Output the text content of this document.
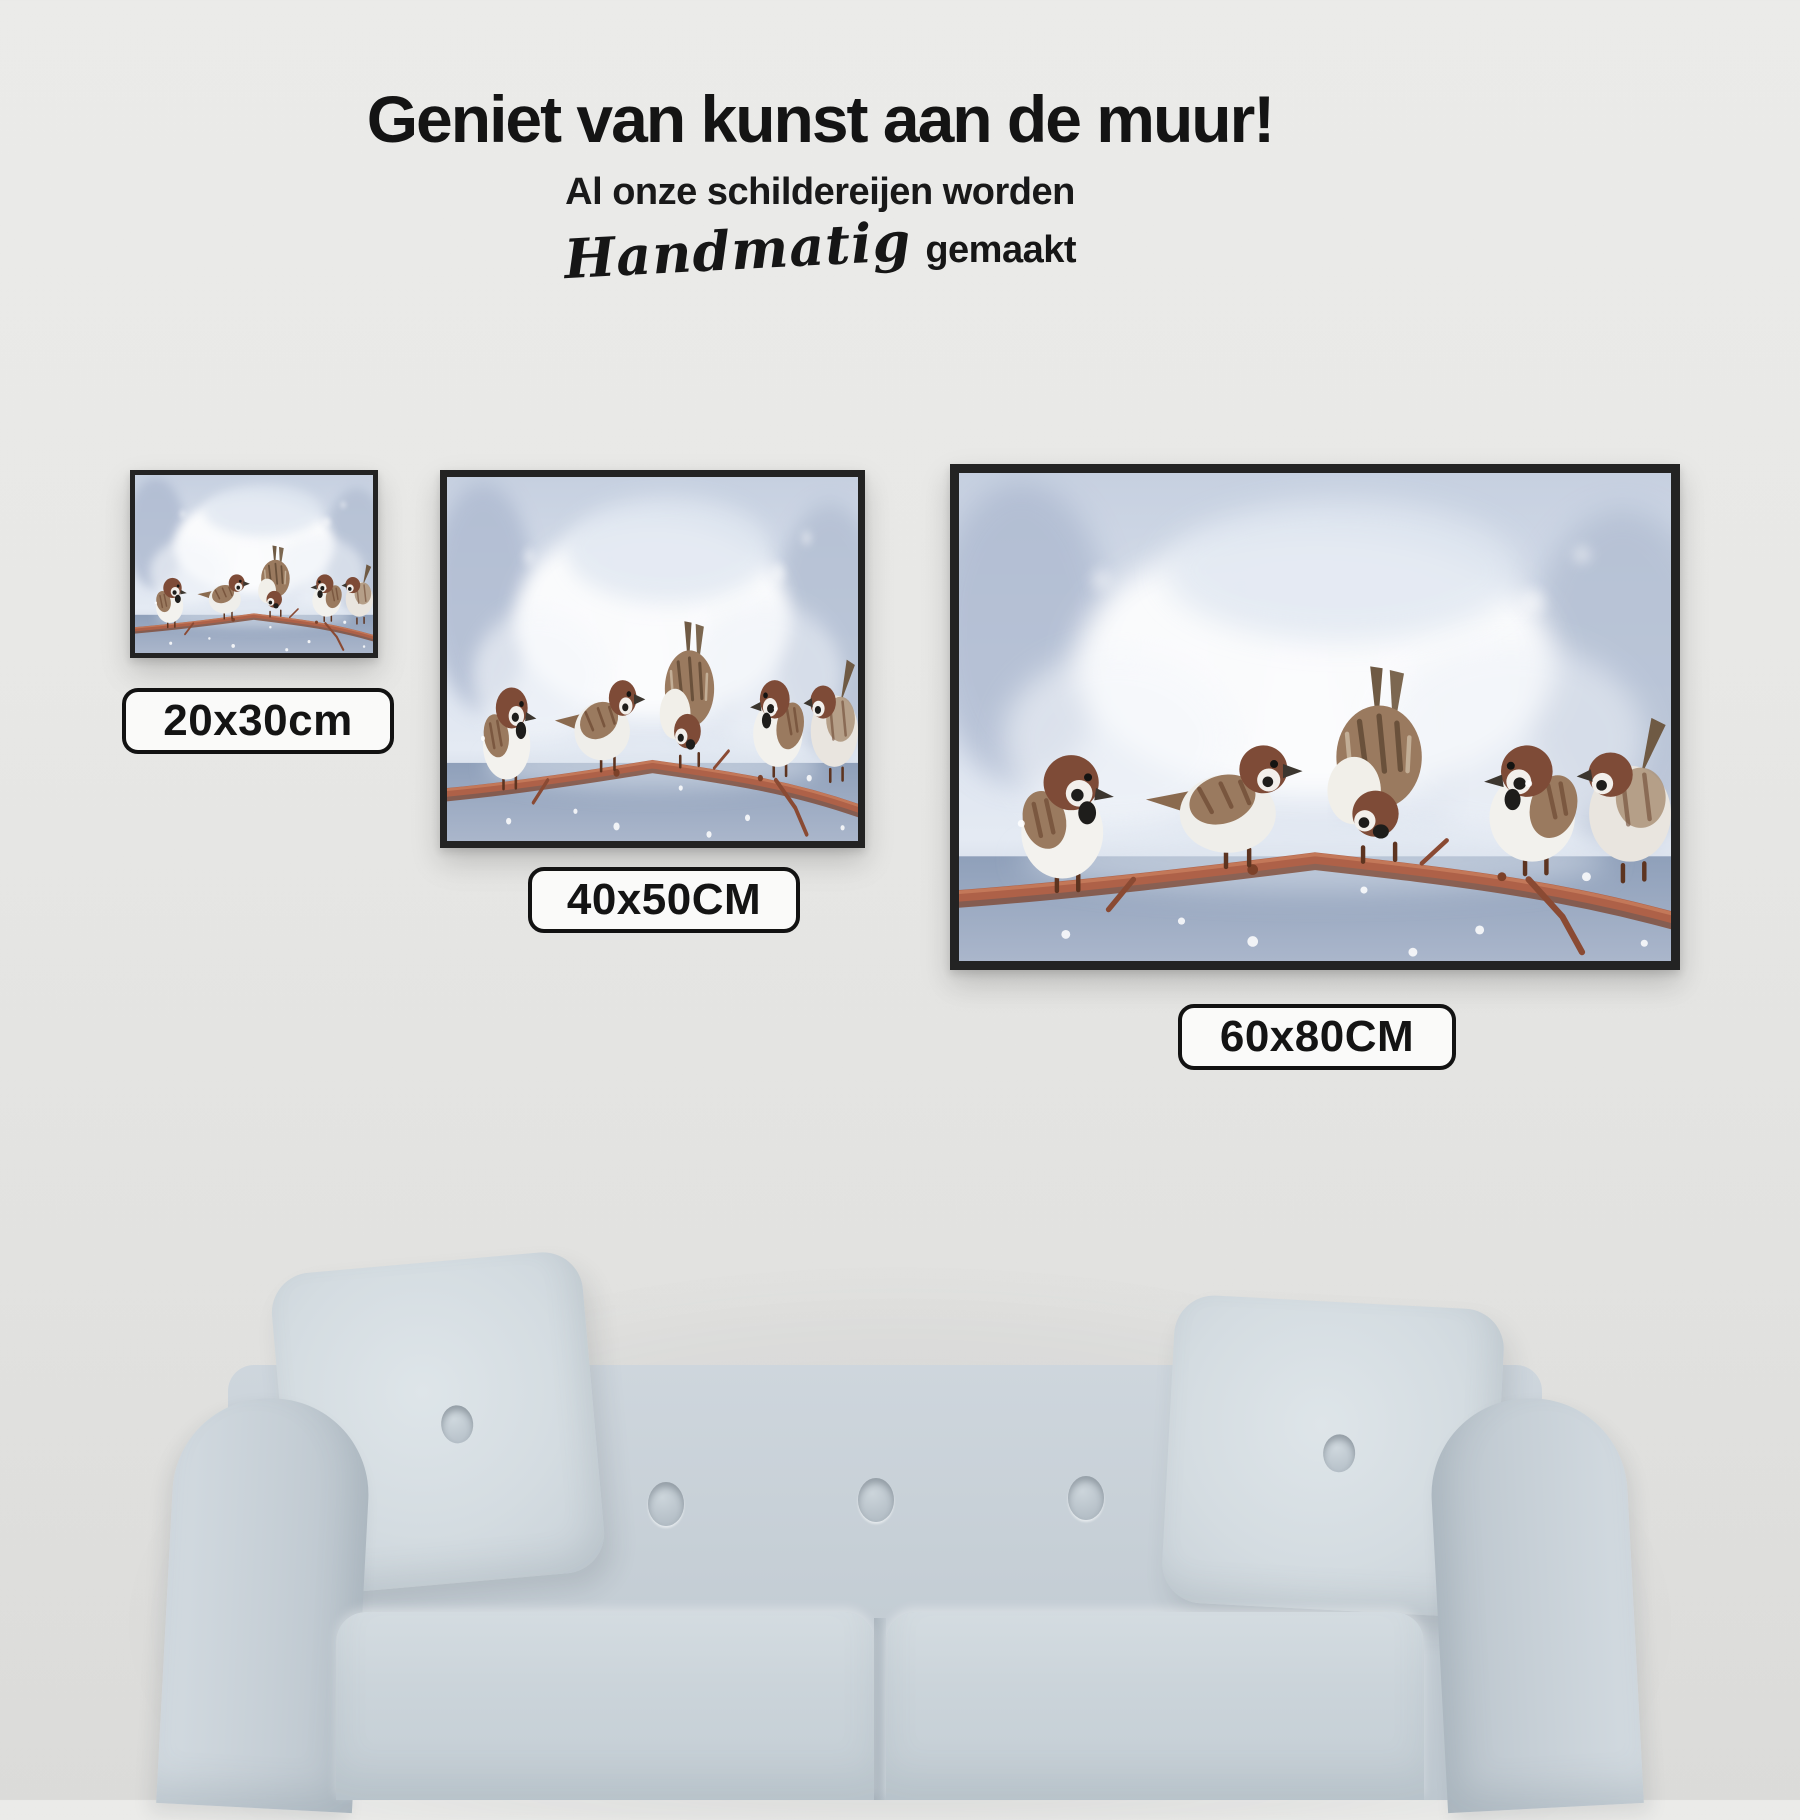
Geniet van kunst aan de muur!
Al onze schildereijen worden
Handmatig gemaakt
20x30cm
40x50CM
60x80CM
